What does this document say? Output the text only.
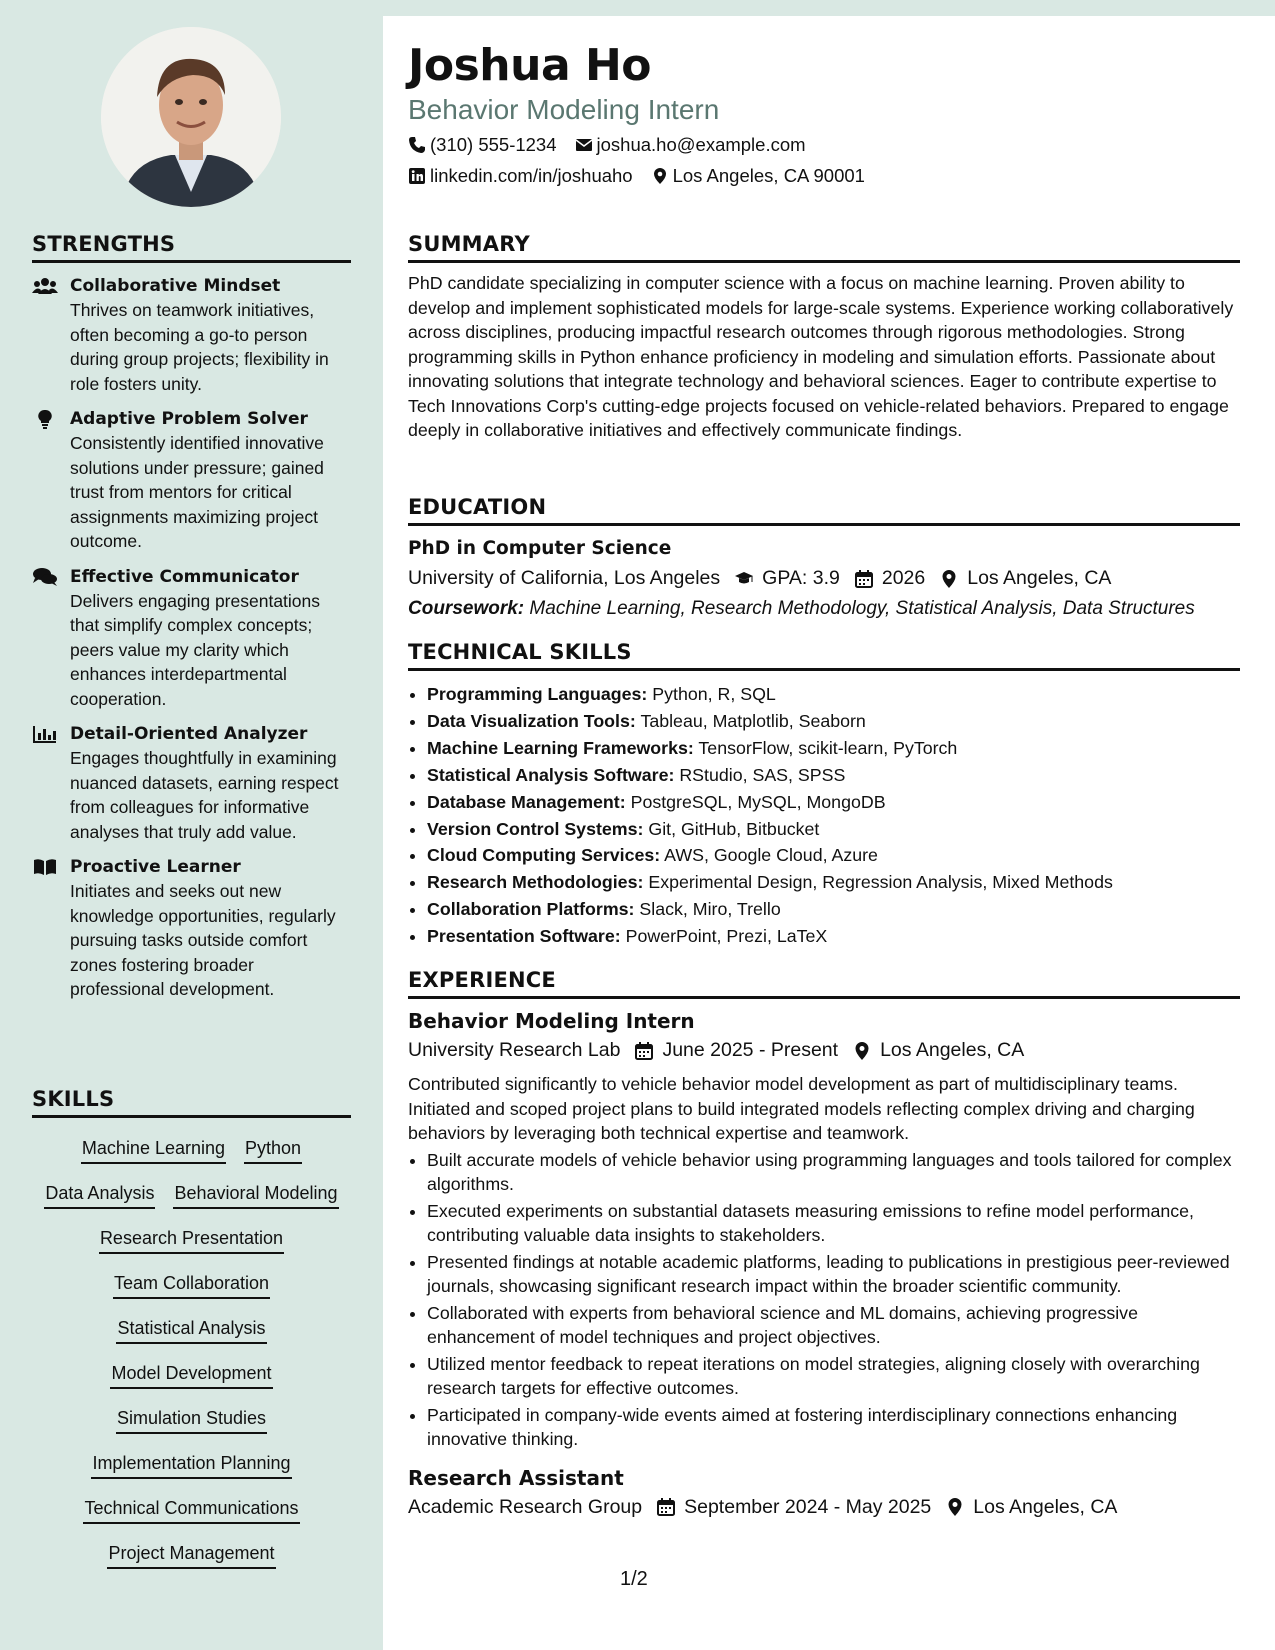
STRENGTHS
Collaborative Mindset
Thrives on teamwork initiatives, often becoming a go-to person during group projects; flexibility in role fosters unity.
Adaptive Problem Solver
Consistently identified innovative solutions under pressure; gained trust from mentors for critical assignments maximizing project outcome.
Effective Communicator
Delivers engaging presentations that simplify complex concepts; peers value my clarity which enhances interdepartmental cooperation.
Detail-Oriented Analyzer
Engages thoughtfully in examining nuanced datasets, earning respect from colleagues for informative analyses that truly add value.
Proactive Learner
Initiates and seeks out new knowledge opportunities, regularly pursuing tasks outside comfort zones fostering broader professional development.
SKILLS
Machine Learning Python
Data Analysis Behavioral Modeling
Research Presentation
Team Collaboration
Statistical Analysis
Model Development
Simulation Studies
Implementation Planning
Technical Communications
Project Management
Joshua Ho
Behavior Modeling Intern
(310) 555-1234 joshua.ho@example.com
linkedin.com/in/joshuaho Los Angeles, CA 90001
SUMMARY

PhD candidate specializing in computer science with a focus on machine learning. Proven ability to develop and implement sophisticated models for large-scale systems. Experience working collaboratively across disciplines, producing impactful research outcomes through rigorous methodologies. Strong programming skills in Python enhance proficiency in modeling and simulation efforts. Passionate about innovating solutions that integrate technology and behavioral sciences. Eager to contribute expertise to Tech Innovations Corp's cutting-edge projects focused on vehicle-related behaviors. Prepared to engage deeply in collaborative initiatives and effectively communicate findings.

EDUCATION
PhD in Computer Science
University of California, Los Angeles GPA: 3.9 2026 Los Angeles, CA
Coursework: Machine Learning, Research Methodology, Statistical Analysis, Data Structures
TECHNICAL SKILLS
• Programming Languages: Python, R, SQL
• Data Visualization Tools: Tableau, Matplotlib, Seaborn
• Machine Learning Frameworks: TensorFlow, scikit-learn, PyTorch
• Statistical Analysis Software: RStudio, SAS, SPSS
• Database Management: PostgreSQL, MySQL, MongoDB
• Version Control Systems: Git, GitHub, Bitbucket
• Cloud Computing Services: AWS, Google Cloud, Azure
• Research Methodologies: Experimental Design, Regression Analysis, Mixed Methods
• Collaboration Platforms: Slack, Miro, Trello
• Presentation Software: PowerPoint, Prezi, LaTeX
EXPERIENCE
Behavior Modeling Intern
University Research Lab June 2025 - Present Los Angeles, CA

Contributed significantly to vehicle behavior model development as part of multidisciplinary teams. Initiated and scoped project plans to build integrated models reflecting complex driving and charging behaviors by leveraging both technical expertise and teamwork.

• Built accurate models of vehicle behavior using programming languages and tools tailored for complex algorithms.
• Executed experiments on substantial datasets measuring emissions to refine model performance, contributing valuable data insights to stakeholders.
• Presented findings at notable academic platforms, leading to publications in prestigious peer-reviewed journals, showcasing significant research impact within the broader scientific community.
• Collaborated with experts from behavioral science and ML domains, achieving progressive enhancement of model techniques and project objectives.
• Utilized mentor feedback to repeat iterations on model strategies, aligning closely with overarching research targets for effective outcomes.
• Participated in company-wide events aimed at fostering interdisciplinary connections enhancing innovative thinking.
Research Assistant
Academic Research Group September 2024 - May 2025 Los Angeles, CA
1/2
